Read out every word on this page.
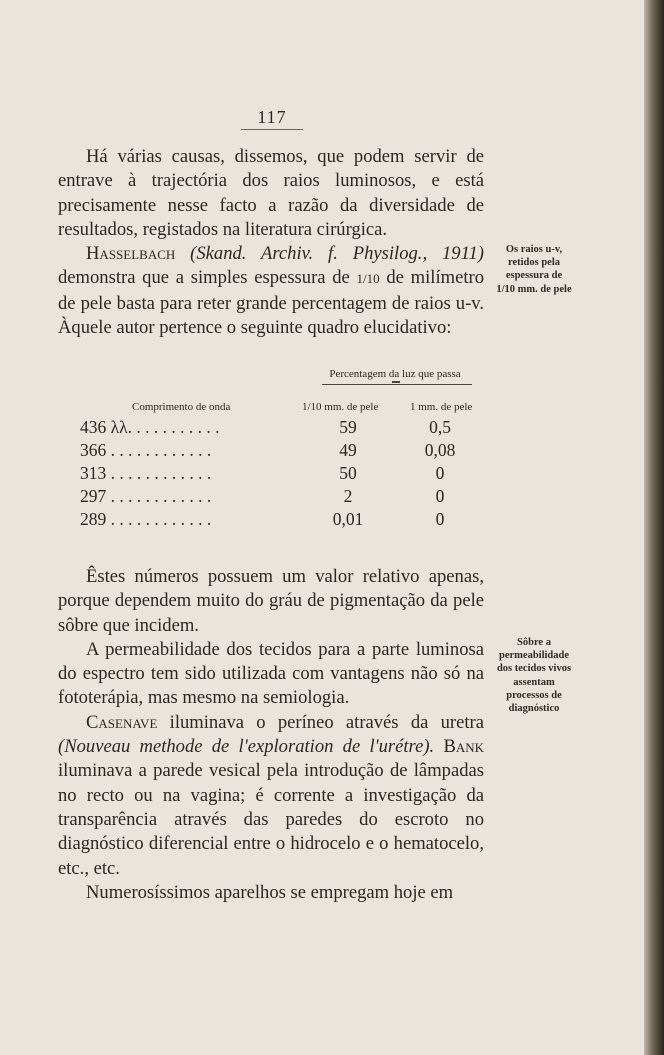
117

Há várias causas, dissemos, que podem servir de entrave à trajectória dos raios luminosos, e está precisamente nesse facto a razão da diversidade de resultados, registados na literatura cirúrgica.

Hasselbach (Skand. Archiv. f. Physilog., 1911) demonstra que a simples espessura de 1/10 de milímetro de pele basta para reter grande percentagem de raios u-v. Àquele autor pertence o seguinte quadro elucidativo:

Os raios u-v, retidos pela espessura de 1/10 mm. de pele

Percentagem da luz que passa
Comprimento de onda	1/10 mm. de pele	1 mm. de pele
436 λλ. . . . . . . . . . .	59	0,5
366 . . . . . . . . . . . .	49	0,08
313 . . . . . . . . . . . .	50	0
297 . . . . . . . . . . . .	2	0
289 . . . . . . . . . . . .	0,01	0

Êstes números possuem um valor relativo apenas, porque dependem muito do gráu de pigmentação da pele sôbre que incidem.

A permeabilidade dos tecidos para a parte luminosa do espectro tem sido utilizada com vantagens não só na fototerápia, mas mesmo na semiologia.

Casenave iluminava o períneo através da uretra (Nouveau methode de l'exploration de l'urétre). Bank iluminava a parede vesical pela introdução de lâmpadas no recto ou na vagina; é corrente a investigação da transparência através das paredes do escroto no diagnóstico diferencial entre o hidrocelo e o hematocelo, etc., etc.

Numerosíssimos aparelhos se empregam hoje em

Sôbre a permeabilidade dos tecidos vivos assentam processos de diagnóstico
